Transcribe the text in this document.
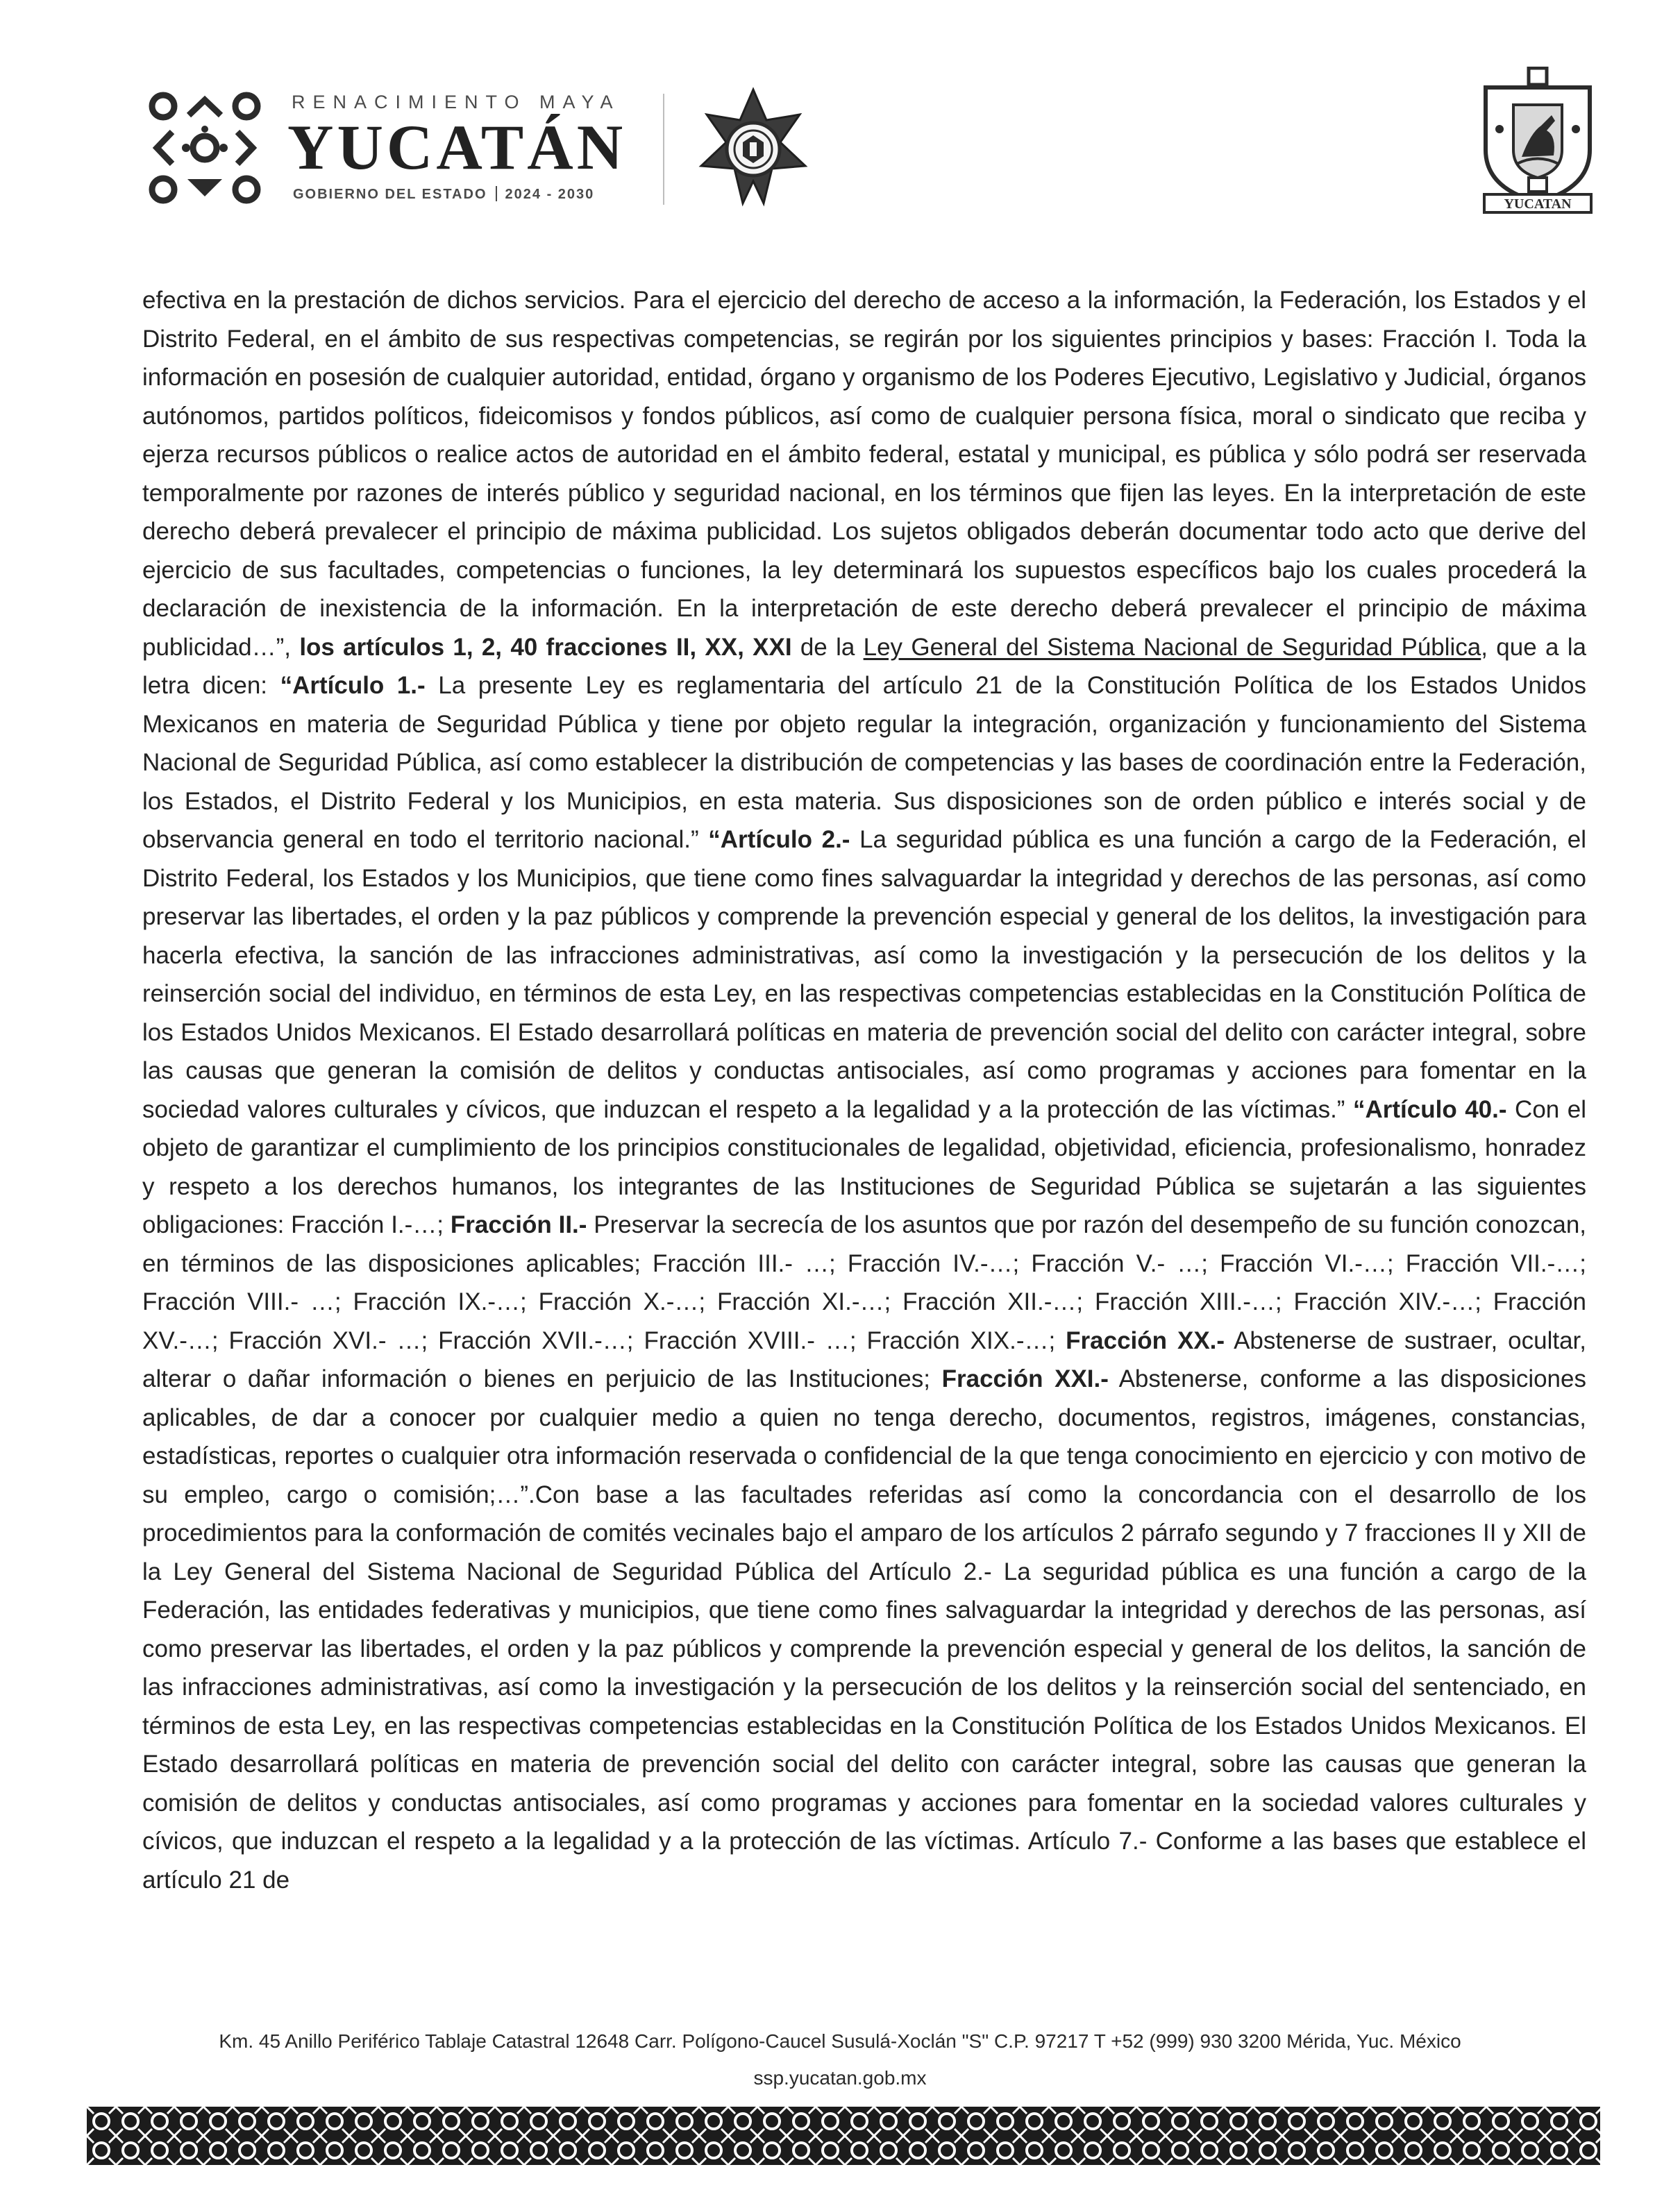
RENACIMIENTO MAYA
YUCATÁN
GOBIERNO DEL ESTADO 2024 - 2030
YUCATAN

efectiva en la prestación de dichos servicios. Para el ejercicio del derecho de acceso a la información, la Federación, los Estados y el Distrito Federal, en el ámbito de sus respectivas competencias, se regirán por los siguientes principios y bases: Fracción I. Toda la información en posesión de cualquier autoridad, entidad, órgano y organismo de los Poderes Ejecutivo, Legislativo y Judicial, órganos autónomos, partidos políticos, fideicomisos y fondos públicos, así como de cualquier persona física, moral o sindicato que reciba y ejerza recursos públicos o realice actos de autoridad en el ámbito federal, estatal y municipal, es pública y sólo podrá ser reservada temporalmente por razones de interés público y seguridad nacional, en los términos que fijen las leyes. En la interpretación de este derecho deberá prevalecer el principio de máxima publicidad. Los sujetos obligados deberán documentar todo acto que derive del ejercicio de sus facultades, competencias o funciones, la ley determinará los supuestos específicos bajo los cuales procederá la declaración de inexistencia de la información. En la interpretación de este derecho deberá prevalecer el principio de máxima publicidad…”, los artículos 1, 2, 40 fracciones II, XX, XXI de la Ley General del Sistema Nacional de Seguridad Pública, que a la letra dicen: “Artículo 1.- La presente Ley es reglamentaria del artículo 21 de la Constitución Política de los Estados Unidos Mexicanos en materia de Seguridad Pública y tiene por objeto regular la integración, organización y funcionamiento del Sistema Nacional de Seguridad Pública, así como establecer la distribución de competencias y las bases de coordinación entre la Federación, los Estados, el Distrito Federal y los Municipios, en esta materia. Sus disposiciones son de orden público e interés social y de observancia general en todo el territorio nacional.” “Artículo 2.- La seguridad pública es una función a cargo de la Federación, el Distrito Federal, los Estados y los Municipios, que tiene como fines salvaguardar la integridad y derechos de las personas, así como preservar las libertades, el orden y la paz públicos y comprende la prevención especial y general de los delitos, la investigación para hacerla efectiva, la sanción de las infracciones administrativas, así como la investigación y la persecución de los delitos y la reinserción social del individuo, en términos de esta Ley, en las respectivas competencias establecidas en la Constitución Política de los Estados Unidos Mexicanos. El Estado desarrollará políticas en materia de prevención social del delito con carácter integral, sobre las causas que generan la comisión de delitos y conductas antisociales, así como programas y acciones para fomentar en la sociedad valores culturales y cívicos, que induzcan el respeto a la legalidad y a la protección de las víctimas.” “Artículo 40.- Con el objeto de garantizar el cumplimiento de los principios constitucionales de legalidad, objetividad, eficiencia, profesionalismo, honradez y respeto a los derechos humanos, los integrantes de las Instituciones de Seguridad Pública se sujetarán a las siguientes obligaciones: Fracción I.-…; Fracción II.- Preservar la secrecía de los asuntos que por razón del desempeño de su función conozcan, en términos de las disposiciones aplicables; Fracción III.- …; Fracción IV.-…; Fracción V.- …; Fracción VI.-…; Fracción VII.-…; Fracción VIII.- …; Fracción IX.-…; Fracción X.-…; Fracción XI.-…; Fracción XII.-…; Fracción XIII.-…; Fracción XIV.-…; Fracción XV.-…; Fracción XVI.- …; Fracción XVII.-…; Fracción XVIII.- …; Fracción XIX.-…; Fracción XX.- Abstenerse de sustraer, ocultar, alterar o dañar información o bienes en perjuicio de las Instituciones; Fracción XXI.- Abstenerse, conforme a las disposiciones aplicables, de dar a conocer por cualquier medio a quien no tenga derecho, documentos, registros, imágenes, constancias, estadísticas, reportes o cualquier otra información reservada o confidencial de la que tenga conocimiento en ejercicio y con motivo de su empleo, cargo o comisión;…”.Con base a las facultades referidas así como la concordancia con el desarrollo de los procedimientos para la conformación de comités vecinales bajo el amparo de los artículos 2 párrafo segundo y 7 fracciones II y XII de la Ley General del Sistema Nacional de Seguridad Pública del Artículo 2.- La seguridad pública es una función a cargo de la Federación, las entidades federativas y municipios, que tiene como fines salvaguardar la integridad y derechos de las personas, así como preservar las libertades, el orden y la paz públicos y comprende la prevención especial y general de los delitos, la sanción de las infracciones administrativas, así como la investigación y la persecución de los delitos y la reinserción social del sentenciado, en términos de esta Ley, en las respectivas competencias establecidas en la Constitución Política de los Estados Unidos Mexicanos. El Estado desarrollará políticas en materia de prevención social del delito con carácter integral, sobre las causas que generan la comisión de delitos y conductas antisociales, así como programas y acciones para fomentar en la sociedad valores culturales y cívicos, que induzcan el respeto a la legalidad y a la protección de las víctimas. Artículo 7.- Conforme a las bases que establece el artículo 21 de

Km. 45 Anillo Periférico Tablaje Catastral 12648 Carr. Polígono-Caucel Susulá-Xoclán "S" C.P. 97217 T +52 (999) 930 3200 Mérida, Yuc. México
ssp.yucatan.gob.mx
